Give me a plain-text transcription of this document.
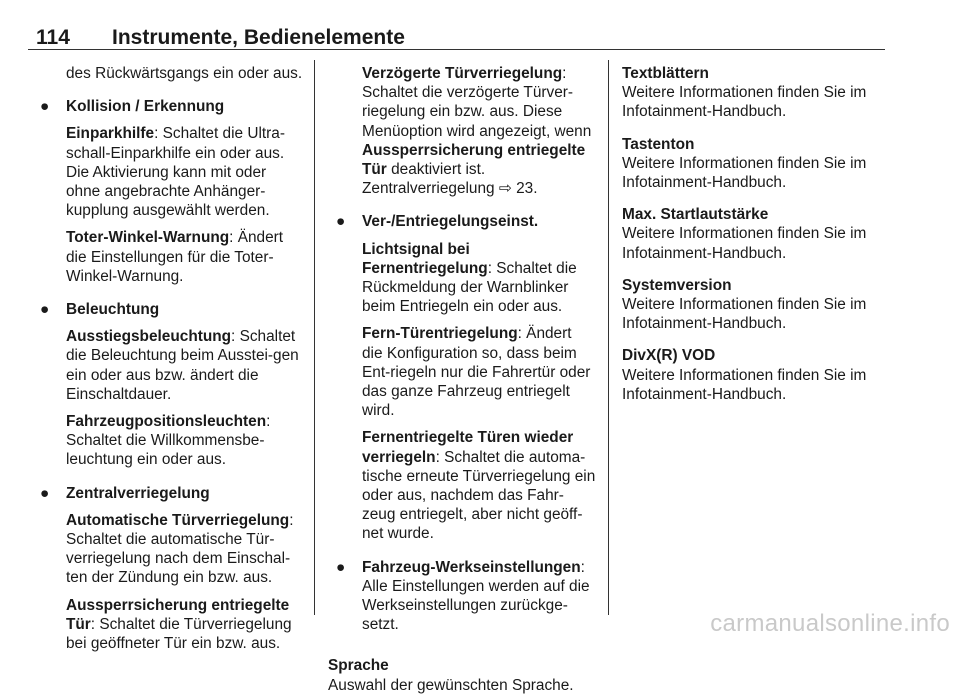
114 Instrumente, Bedienelemente

des Rückwärtsgangs ein oder aus.

● Kollision / Erkennung

Einparkhilfe: Schaltet die Ultra-schall-Einparkhilfe ein oder aus. Die Aktivierung kann mit oder ohne angebrachte Anhänger-kupplung ausgewählt werden.

Toter-Winkel-Warnung: Ändert die Einstellungen für die Toter-Winkel-Warnung.

● Beleuchtung

Ausstiegsbeleuchtung: Schaltet die Beleuchtung beim Ausstei-gen ein oder aus bzw. ändert die Einschaltdauer.

Fahrzeugpositionsleuchten: Schaltet die Willkommensbe-leuchtung ein oder aus.

● Zentralverriegelung

Automatische Türverriegelung: Schaltet die automatische Tür-verriegelung nach dem Einschal-ten der Zündung ein bzw. aus.

Aussperrsicherung entriegelte Tür: Schaltet die Türverriegelung bei geöffneter Tür ein bzw. aus.

Verzögerte Türverriegelung: Schaltet die verzögerte Türver-riegelung ein bzw. aus. Diese Menüoption wird angezeigt, wenn Aussperrsicherung entriegelte Tür deaktiviert ist. Zentralverriegelung ⇨ 23.

● Ver-/Entriegelungseinst.

Lichtsignal bei Fernentriegelung: Schaltet die Rückmeldung der Warnblinker beim Entriegeln ein oder aus.

Fern-Türentriegelung: Ändert die Konfiguration so, dass beim Ent-riegeln nur die Fahrertür oder das ganze Fahrzeug entriegelt wird.

Fernentriegelte Türen wieder verriegeln: Schaltet die automa-tische erneute Türverriegelung ein oder aus, nachdem das Fahr-zeug entriegelt, aber nicht geöff-net wurde.

● Fahrzeug-Werkseinstellungen: Alle Einstellungen werden auf die Werkseinstellungen zurückge-setzt.
Sprache
Auswahl der gewünschten Sprache.
Textblättern
Weitere Informationen finden Sie im Infotainment-Handbuch.
Tastenton
Weitere Informationen finden Sie im Infotainment-Handbuch.
Max. Startlautstärke
Weitere Informationen finden Sie im Infotainment-Handbuch.
Systemversion
Weitere Informationen finden Sie im Infotainment-Handbuch.
DivX(R) VOD
Weitere Informationen finden Sie im Infotainment-Handbuch.
carmanualsonline.info
